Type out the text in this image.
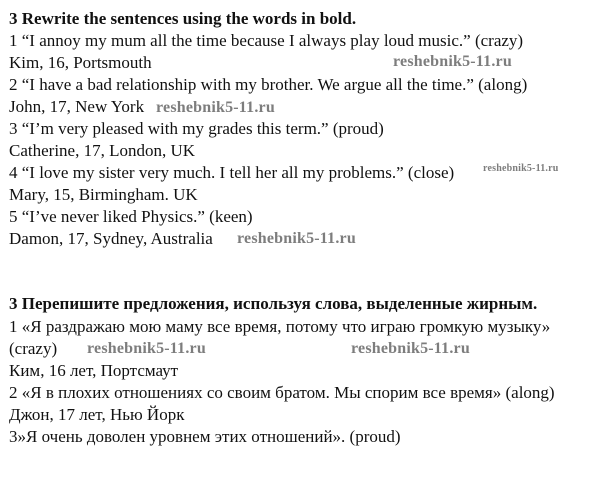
3 Rewrite the sentences using the words in bold.
1 “I annoy my mum all the time because I always play loud music.” (crazy)
Kim, 16, Portsmouth
2 “I have a bad relationship with my brother. We argue all the time.” (along)
John, 17, New York
3 “I’m very pleased with my grades this term.” (proud)
Catherine, 17, London, UK
4 “I love my sister very much. I tell her all my problems.” (close)
Mary, 15, Birmingham. UK
5 “I’ve never liked Physics.” (keen)
Damon, 17, Sydney, Australia
3 Перепишите предложения, используя слова, выделенные жирным.
1 «Я раздражаю мою маму все время, потому что играю громкую музыку»
(crazy)
Ким, 16 лет, Портсмаут
2 «Я в плохих отношениях со своим братом. Мы спорим все время» (along)
Джон, 17 лет, Нью Йорк
3»Я очень доволен уровнем этих отношений». (proud)
reshebnik5-11.ru
reshebnik5-11.ru
reshebnik5-11.ru
reshebnik5-11.ru
reshebnik5-11.ru	reshebnik5-11.ru
